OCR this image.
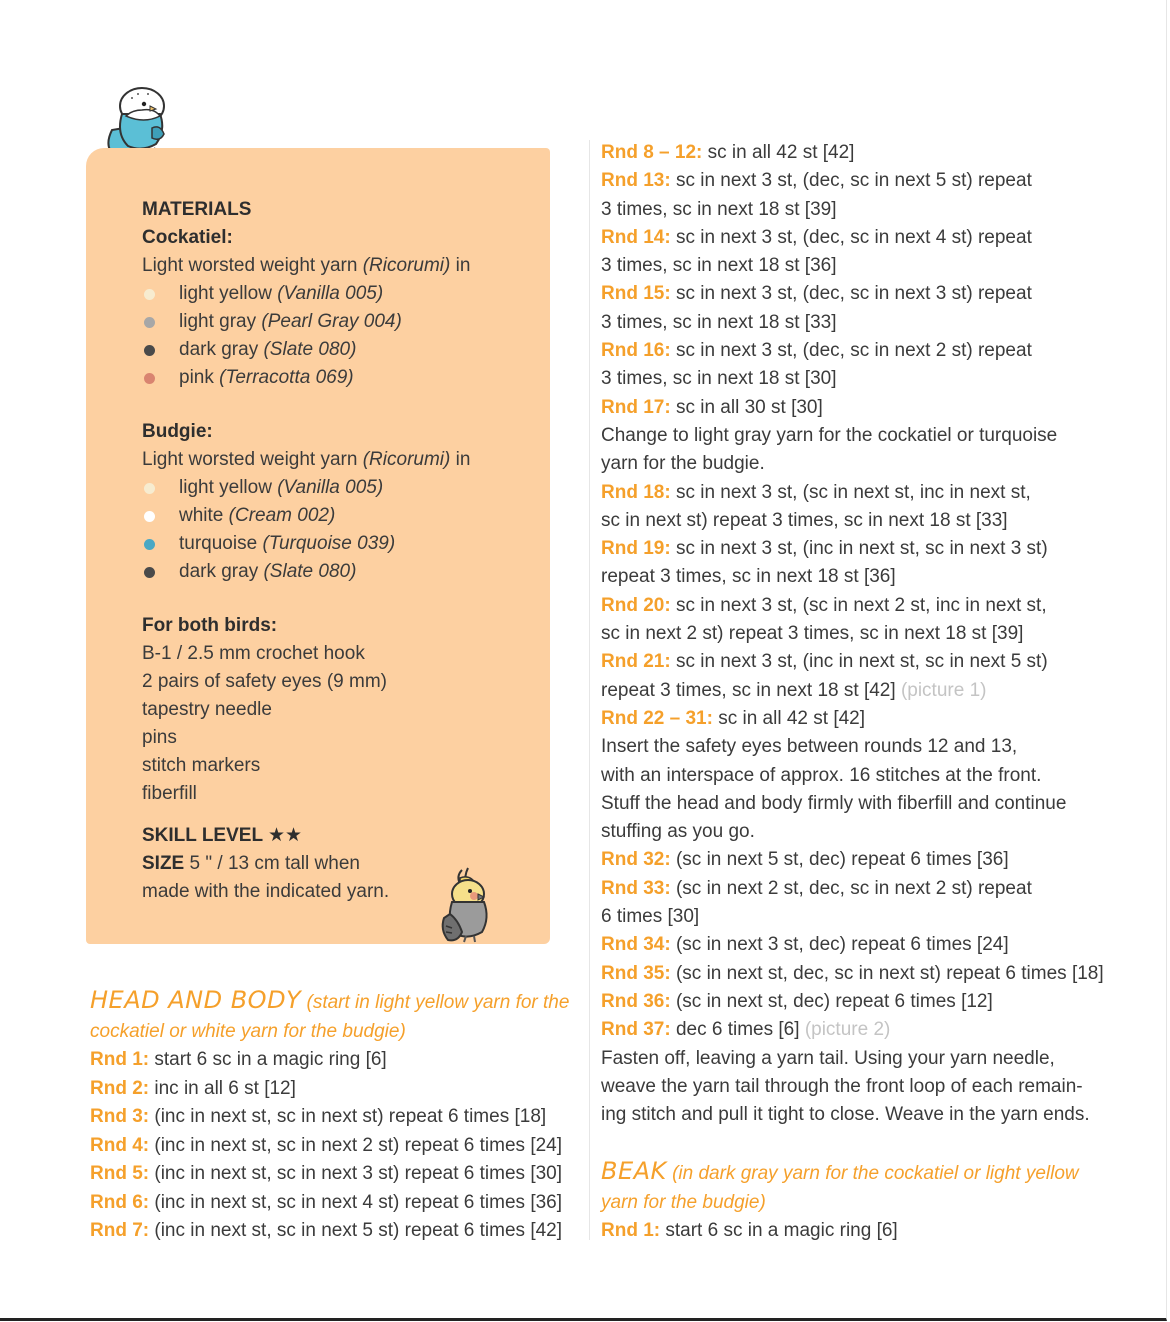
MATERIALS
Cockatiel:
Light worsted weight yarn (Ricorumi) in
light yellow (Vanilla 005)
light gray (Pearl Gray 004)
dark gray (Slate 080)
pink (Terracotta 069)
Budgie:
Light worsted weight yarn (Ricorumi) in
light yellow (Vanilla 005)
white (Cream 002)
turquoise (Turquoise 039)
dark gray (Slate 080)
For both birds:
B-1 / 2.5 mm crochet hook
2 pairs of safety eyes (9 mm)
tapestry needle
pins
stitch markers
fiberfill
SKILL LEVEL ★★
SIZE 5 " / 13 cm tall when
made with the indicated yarn.
HEAD AND BODY (start in light yellow yarn for the
cockatiel or white yarn for the budgie)
Rnd 1: start 6 sc in a magic ring [6]
Rnd 2: inc in all 6 st [12]
Rnd 3: (inc in next st, sc in next st) repeat 6 times [18]
Rnd 4: (inc in next st, sc in next 2 st) repeat 6 times [24]
Rnd 5: (inc in next st, sc in next 3 st) repeat 6 times [30]
Rnd 6: (inc in next st, sc in next 4 st) repeat 6 times [36]
Rnd 7: (inc in next st, sc in next 5 st) repeat 6 times [42]
Rnd 8 – 12: sc in all 42 st [42]
Rnd 13: sc in next 3 st, (dec, sc in next 5 st) repeat
3 times, sc in next 18 st [39]
Rnd 14: sc in next 3 st, (dec, sc in next 4 st) repeat
3 times, sc in next 18 st [36]
Rnd 15: sc in next 3 st, (dec, sc in next 3 st) repeat
3 times, sc in next 18 st [33]
Rnd 16: sc in next 3 st, (dec, sc in next 2 st) repeat
3 times, sc in next 18 st [30]
Rnd 17: sc in all 30 st [30]
Change to light gray yarn for the cockatiel or turquoise
yarn for the budgie.
Rnd 18: sc in next 3 st, (sc in next st, inc in next st,
sc in next st) repeat 3 times, sc in next 18 st [33]
Rnd 19: sc in next 3 st, (inc in next st, sc in next 3 st)
repeat 3 times, sc in next 18 st [36]
Rnd 20: sc in next 3 st, (sc in next 2 st, inc in next st,
sc in next 2 st) repeat 3 times, sc in next 18 st [39]
Rnd 21: sc in next 3 st, (inc in next st, sc in next 5 st)
repeat 3 times, sc in next 18 st [42] (picture 1)
Rnd 22 – 31: sc in all 42 st [42]
Insert the safety eyes between rounds 12 and 13,
with an interspace of approx. 16 stitches at the front.
Stuff the head and body firmly with fiberfill and continue
stuffing as you go.
Rnd 32: (sc in next 5 st, dec) repeat 6 times [36]
Rnd 33: (sc in next 2 st, dec, sc in next 2 st) repeat
6 times [30]
Rnd 34: (sc in next 3 st, dec) repeat 6 times [24]
Rnd 35: (sc in next st, dec, sc in next st) repeat 6 times [18]
Rnd 36: (sc in next st, dec) repeat 6 times [12]
Rnd 37: dec 6 times [6] (picture 2)
Fasten off, leaving a yarn tail. Using your yarn needle,
weave the yarn tail through the front loop of each remain-
ing stitch and pull it tight to close. Weave in the yarn ends.
BEAK (in dark gray yarn for the cockatiel or light yellow
yarn for the budgie)
Rnd 1: start 6 sc in a magic ring [6]
